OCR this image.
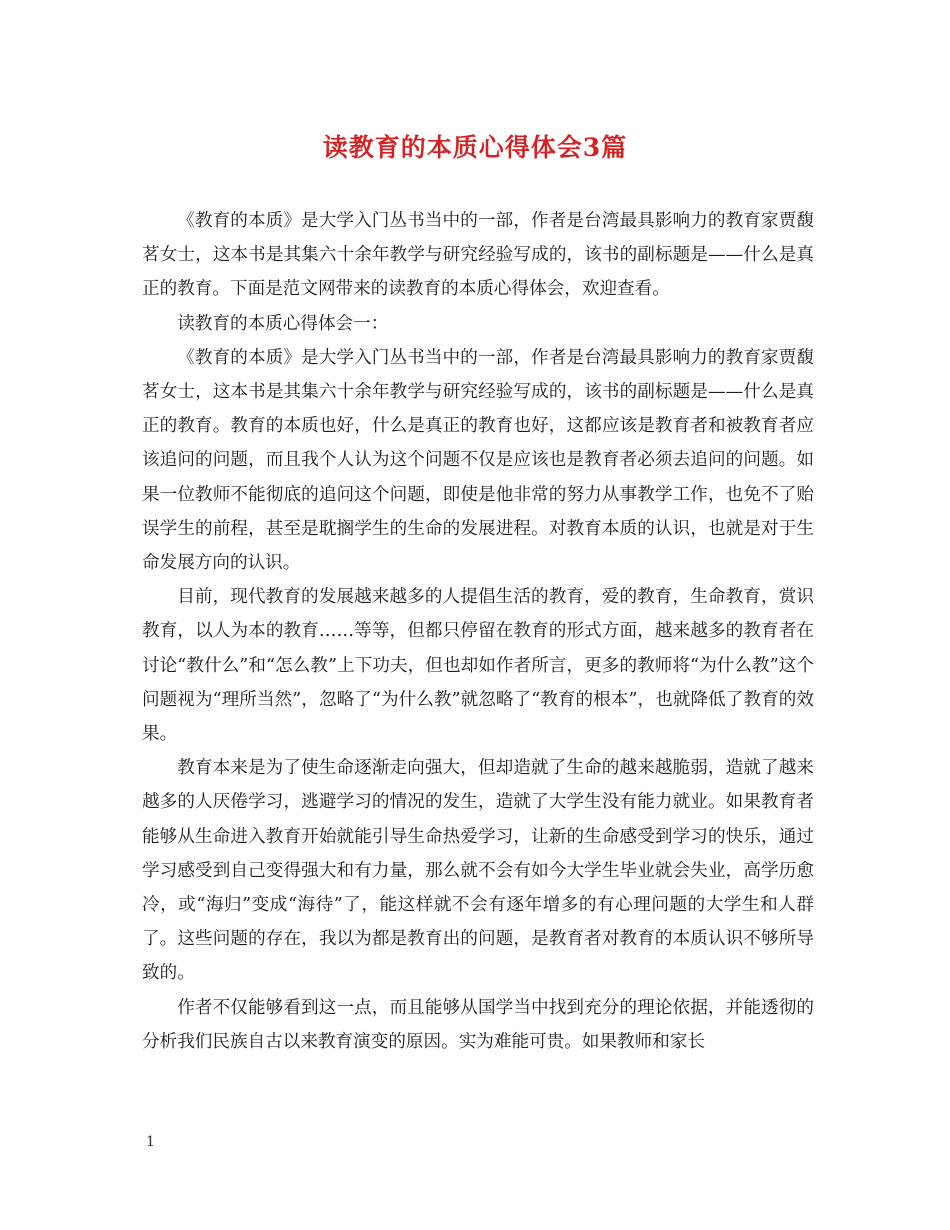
读教育的本质心得体会3篇

《教育的本质》是大学入门丛书当中的一部，作者是台湾最具影响力的教育家贾馥茗女士，这本书是其集六十余年教学与研究经验写成的，该书的副标题是——什么是真正的教育。下面是范文网带来的读教育的本质心得体会，欢迎查看。

读教育的本质心得体会一：

《教育的本质》是大学入门丛书当中的一部，作者是台湾最具影响力的教育家贾馥茗女士，这本书是其集六十余年教学与研究经验写成的，该书的副标题是——什么是真正的教育。教育的本质也好，什么是真正的教育也好，这都应该是教育者和被教育者应该追问的问题，而且我个人认为这个问题不仅是应该也是教育者必须去追问的问题。如果一位教师不能彻底的追问这个问题，即使是他非常的努力从事教学工作，也免不了贻误学生的前程，甚至是耽搁学生的生命的发展进程。对教育本质的认识，也就是对于生命发展方向的认识。

目前，现代教育的发展越来越多的人提倡生活的教育，爱的教育，生命教育，赏识教育，以人为本的教育……等等，但都只停留在教育的形式方面，越来越多的教育者在讨论“教什么”和“怎么教”上下功夫，但也却如作者所言，更多的教师将“为什么教”这个问题视为“理所当然”，忽略了“为什么教”就忽略了“教育的根本”，也就降低了教育的效果。

教育本来是为了使生命逐渐走向强大，但却造就了生命的越来越脆弱，造就了越来越多的人厌倦学习，逃避学习的情况的发生，造就了大学生没有能力就业。如果教育者能够从生命进入教育开始就能引导生命热爱学习，让新的生命感受到学习的快乐，通过学习感受到自己变得强大和有力量，那么就不会有如今大学生毕业就会失业，高学历愈冷，或“海归”变成“海待”了，能这样就不会有逐年增多的有心理问题的大学生和人群了。这些问题的存在，我以为都是教育出的问题，是教育者对教育的本质认识不够所导致的。

作者不仅能够看到这一点，而且能够从国学当中找到充分的理论依据，并能透彻的分析我们民族自古以来教育演变的原因。实为难能可贵。如果教师和家长

1
